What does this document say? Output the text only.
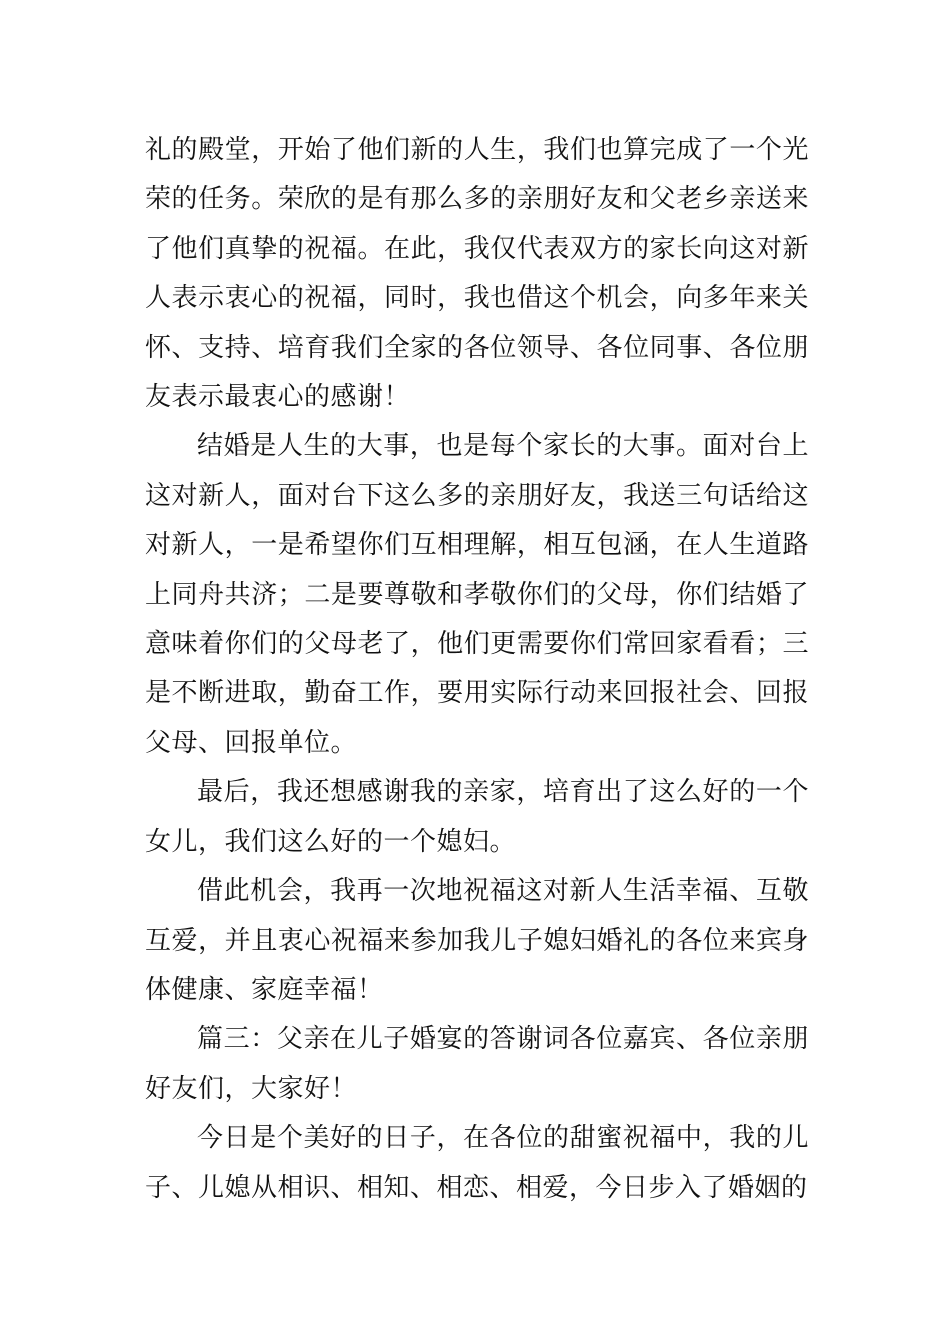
礼的殿堂，开始了他们新的人生，我们也算完成了一个光荣的任务。荣欣的是有那么多的亲朋好友和父老乡亲送来了他们真挚的祝福。在此，我仅代表双方的家长向这对新人表示衷心的祝福，同时，我也借这个机会，向多年来关怀、支持、培育我们全家的各位领导、各位同事、各位朋友表示最衷心的感谢！

结婚是人生的大事，也是每个家长的大事。面对台上这对新人，面对台下这么多的亲朋好友，我送三句话给这对新人，一是希望你们互相理解，相互包涵，在人生道路上同舟共济；二是要尊敬和孝敬你们的父母，你们结婚了意味着你们的父母老了，他们更需要你们常回家看看；三是不断进取，勤奋工作，要用实际行动来回报社会、回报父母、回报单位。

最后，我还想感谢我的亲家，培育出了这么好的一个女儿，我们这么好的一个媳妇。

借此机会，我再一次地祝福这对新人生活幸福、互敬互爱，并且衷心祝福来参加我儿子媳妇婚礼的各位来宾身体健康、家庭幸福！

篇三：父亲在儿子婚宴的答谢词各位嘉宾、各位亲朋好友们，大家好！

今日是个美好的日子，在各位的甜蜜祝福中，我的儿子、儿媳从相识、相知、相恋、相爱，今日步入了婚姻的
